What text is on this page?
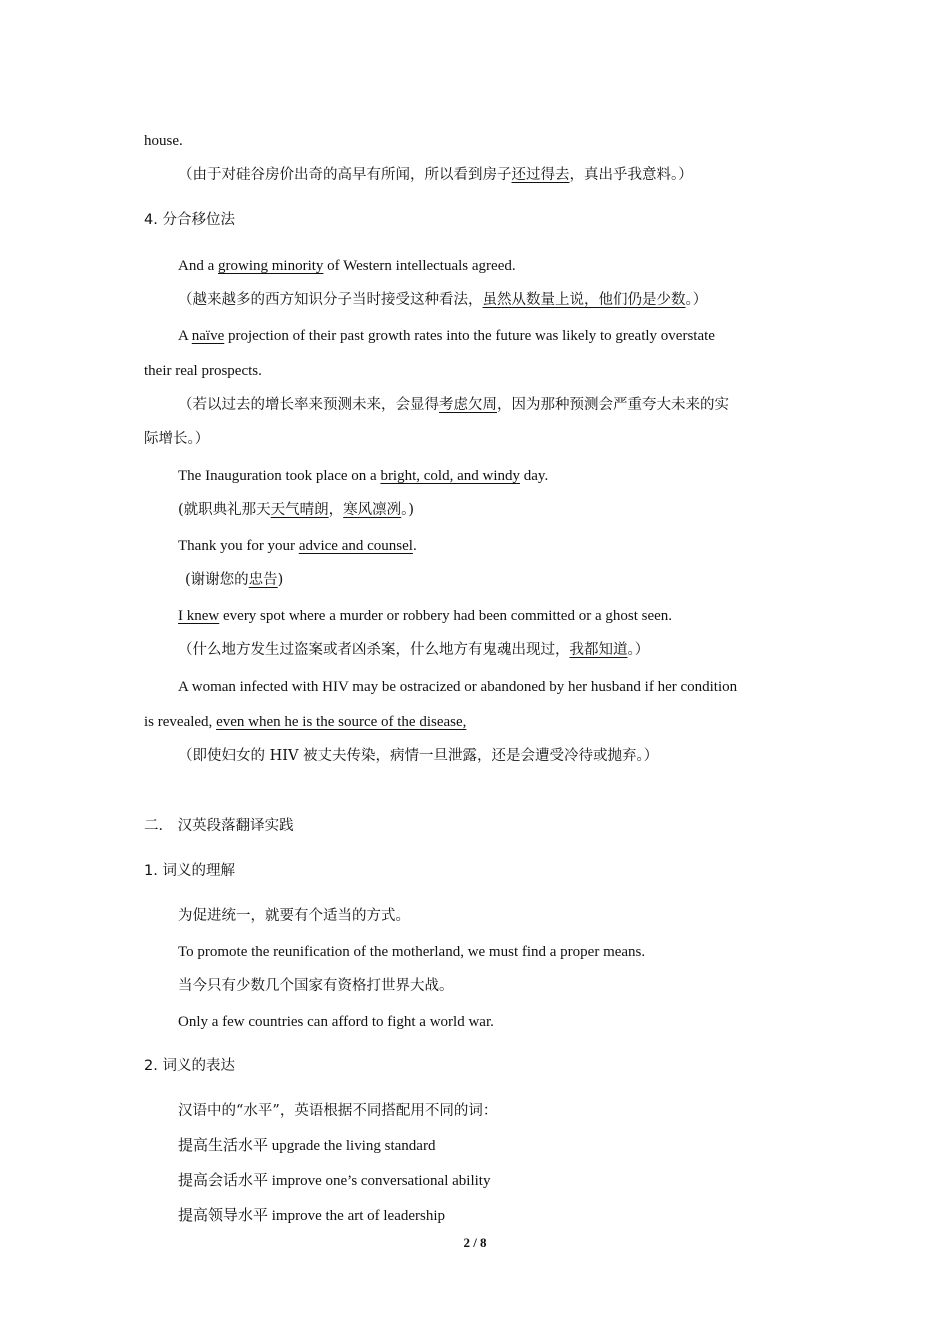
house.
（由于对硅谷房价出奇的高早有所闻，所以看到房子还过得去，真出乎我意料。）
4. 分合移位法
And a growing minority of Western intellectuals agreed.
（越来越多的西方知识分子当时接受这种看法，虽然从数量上说，他们仍是少数。）
A naïve projection of their past growth rates into the future was likely to greatly overstate
their real prospects.
（若以过去的增长率来预测未来，会显得考虑欠周，因为那种预测会严重夸大未来的实
际增长。）
The Inauguration took place on a bright, cold, and windy day.
(就职典礼那天天气晴朗，寒风凛冽。)
Thank you for your advice and counsel.
(谢谢您的忠告)
I knew every spot where a murder or robbery had been committed or a ghost seen.
（什么地方发生过盗案或者凶杀案，什么地方有鬼魂出现过，我都知道。）
A woman infected with HIV may be ostracized or abandoned by her husband if her condition
is revealed, even when he is the source of the disease,
（即使妇女的 HIV 被丈夫传染，病情一旦泄露，还是会遭受冷待或抛弃。）
二． 汉英段落翻译实践
1. 词义的理解
为促进统一，就要有个适当的方式。
To promote the reunification of the motherland, we must find a proper means.
当今只有少数几个国家有资格打世界大战。
Only a few countries can afford to fight a world war.
2. 词义的表达
汉语中的“水平”，英语根据不同搭配用不同的词：
提高生活水平 upgrade the living standard
提高会话水平 improve one’s conversational ability
提高领导水平 improve the art of leadership
2 / 8
